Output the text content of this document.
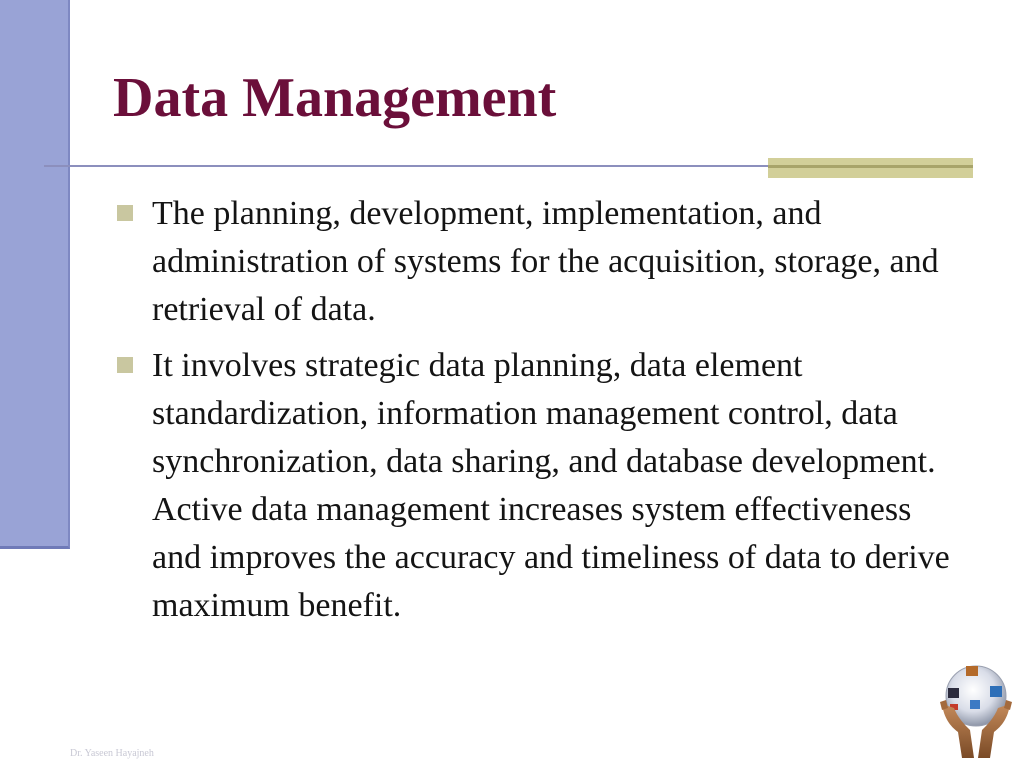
Data Management
The planning, development, implementation, and administration of systems for the acquisition, storage, and retrieval of data.
It involves strategic data planning, data element standardization, information management control, data synchronization, data sharing, and database development. Active data management increases system effectiveness and improves the accuracy and timeliness of data to derive maximum benefit.
Dr. Yaseen Hayajneh
